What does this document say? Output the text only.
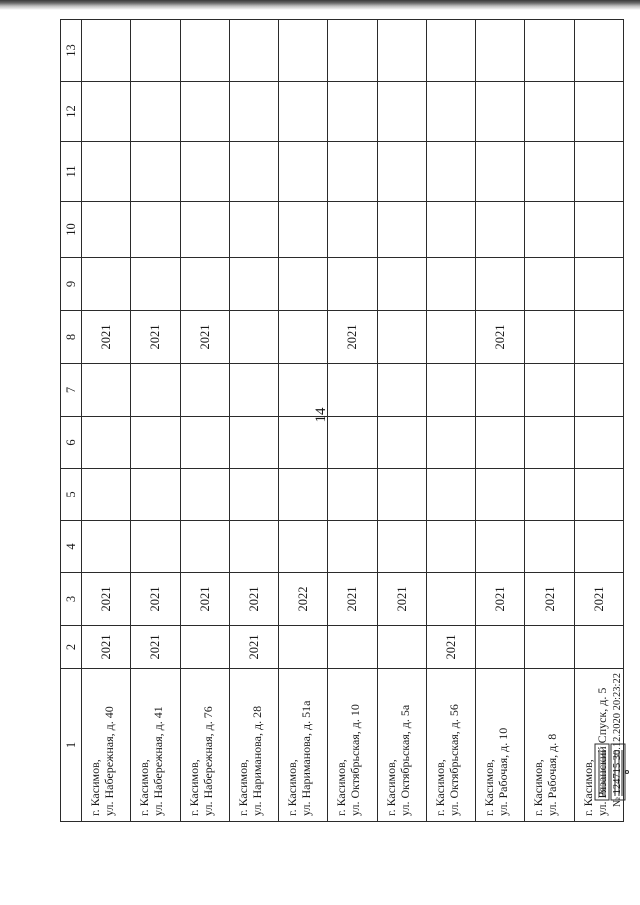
14
1	2	3	4	5	6	7	8	9	10	11	12	13

г. Касимов, ул. Набережная, д. 40	2021	2021					2021					

г. Касимов, ул. Набережная, д. 41	2021	2021					2021					

г. Касимов, ул. Набережная, д. 76		2021					2021					

г. Касимов, ул. Нариманова, д. 28	2021	2021										

г. Касимов, ул. Нариманова, д. 51а		2022										

г. Касимов, ул. Октябрьская, д. 10		2021					2021					

г. Касимов, ул. Октябрьская, д. 5а		2021										

г. Касимов, ул. Октябрьская, д. 56	2021											

г. Касимов, ул. Рабочая, д. 10		2021					2021					

г. Касимов, ул. Рабочая, д. 8		2021										

г. Касимов, ул. Рязанский Спуск, д. 5		2021										
№ 124715 30.12.2020 20:23:22
